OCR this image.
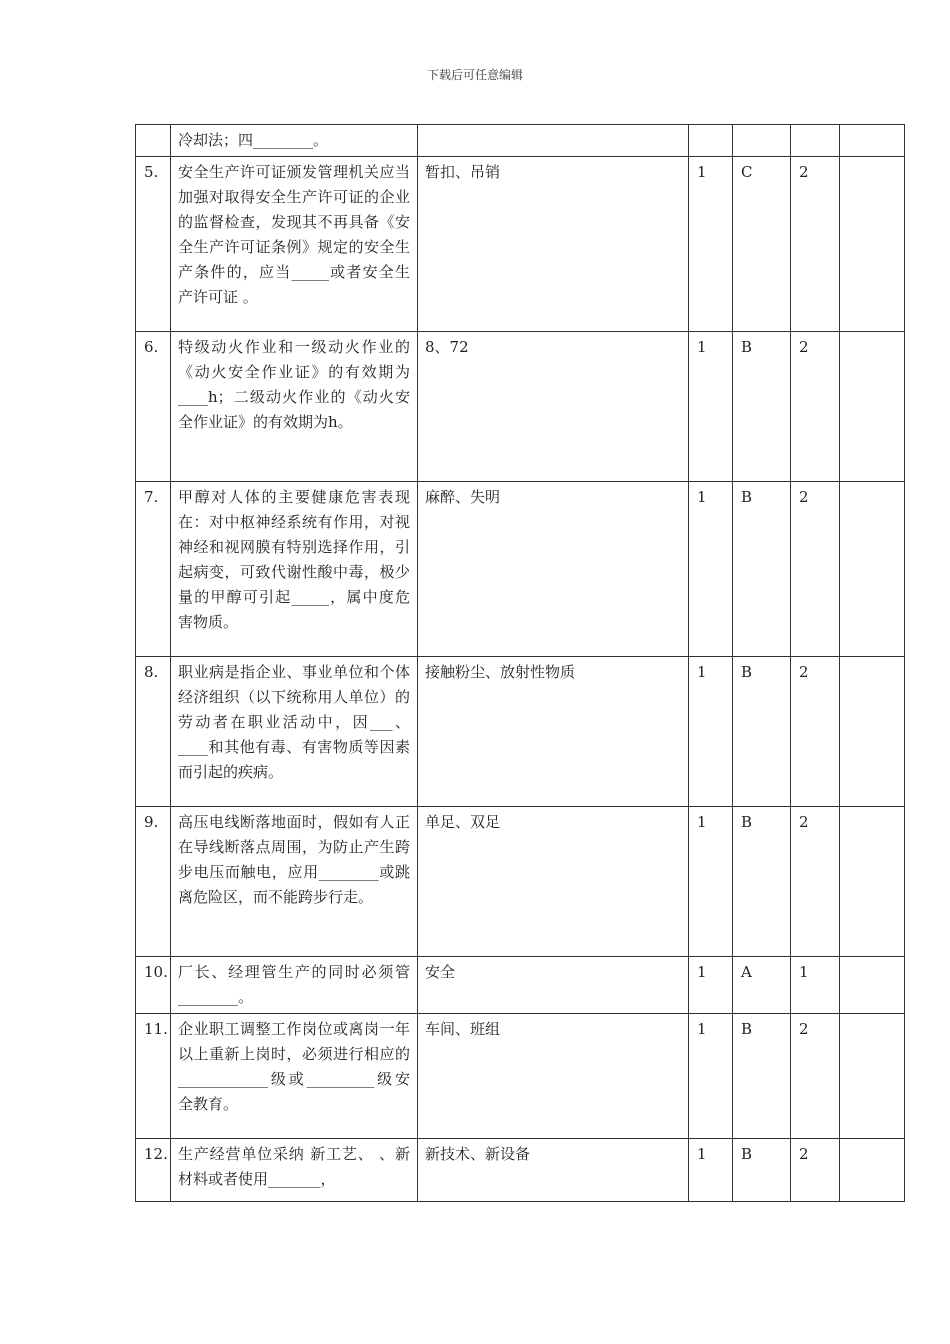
下载后可任意编辑
	冷却法；四________。					
5.	安全生产许可证颁发管理机关应当加强对取得安全生产许可证的企业的监督检查，发现其不再具备《安全生产许可证条例》规定的安全生产条件的，应当_____或者安全生产许可证 。	暂扣、吊销	1	C	2	
6.	特级动火作业和一级动火作业的《动火安全作业证》的有效期为____h；二级动火作业的《动火安全作业证》的有效期为h。	8、72	1	B	2	
7.	甲醇对人体的主要健康危害表现在：对中枢神经系统有作用，对视神经和视网膜有特别选择作用，引起病变，可致代谢性酸中毒，极少量的甲醇可引起_____，属中度危害物质。	麻醉、失明	1	B	2	
8.	职业病是指企业、事业单位和个体经济组织（以下统称用人单位）的劳动者在职业活动中，因___、____和其他有毒、有害物质等因素而引起的疾病。	接触粉尘、放射性物质	1	B	2	
9.	高压电线断落地面时，假如有人正在导线断落点周围，为防止产生跨步电压而触电，应用________或跳离危险区，而不能跨步行走。	单足、双足	1	B	2	
10.	厂长、经理管生产的同时必须管________。	安全	1	A	1	
11.	企业职工调整工作岗位或离岗一年以上重新上岗时，必须进行相应的____________级或_________级安全教育。	车间、班组	1	B	2	
12.	生产经营单位采纳 新工艺、 、新材料或者使用_______，	新技术、新设备	1	B	2	
